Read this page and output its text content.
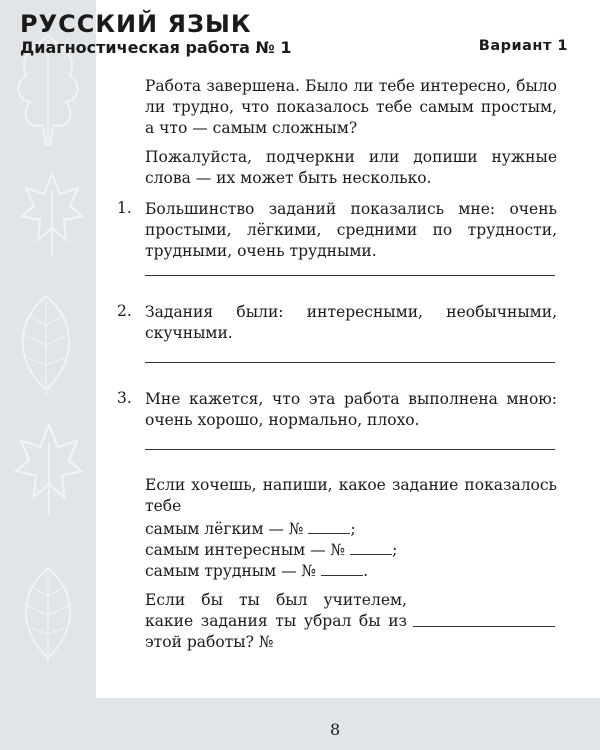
РУССКИЙ ЯЗЫК
Диагностическая работа № 1	Вариант 1

Работа завершена. Было ли тебе интересно, было ли трудно, что показалось тебе самым простым, а что — самым сложным?

Пожалуйста, подчеркни или допиши нужные слова — их может быть несколько.

1. Большинство заданий показались мне: очень простыми, лёгкими, средними по трудности, трудными, очень трудными.

2. Задания были: интересными, необычными, скучными.

3. Мне кажется, что эта работа выполнена мною: очень хорошо, нормально, плохо.

Если хочешь, напиши, какое задание показалось тебе

самым лёгким — №	;
самым интересным — №	;
самым трудным — №	.

Если бы ты был учителем, какие задания ты убрал бы из этой работы? №

8
